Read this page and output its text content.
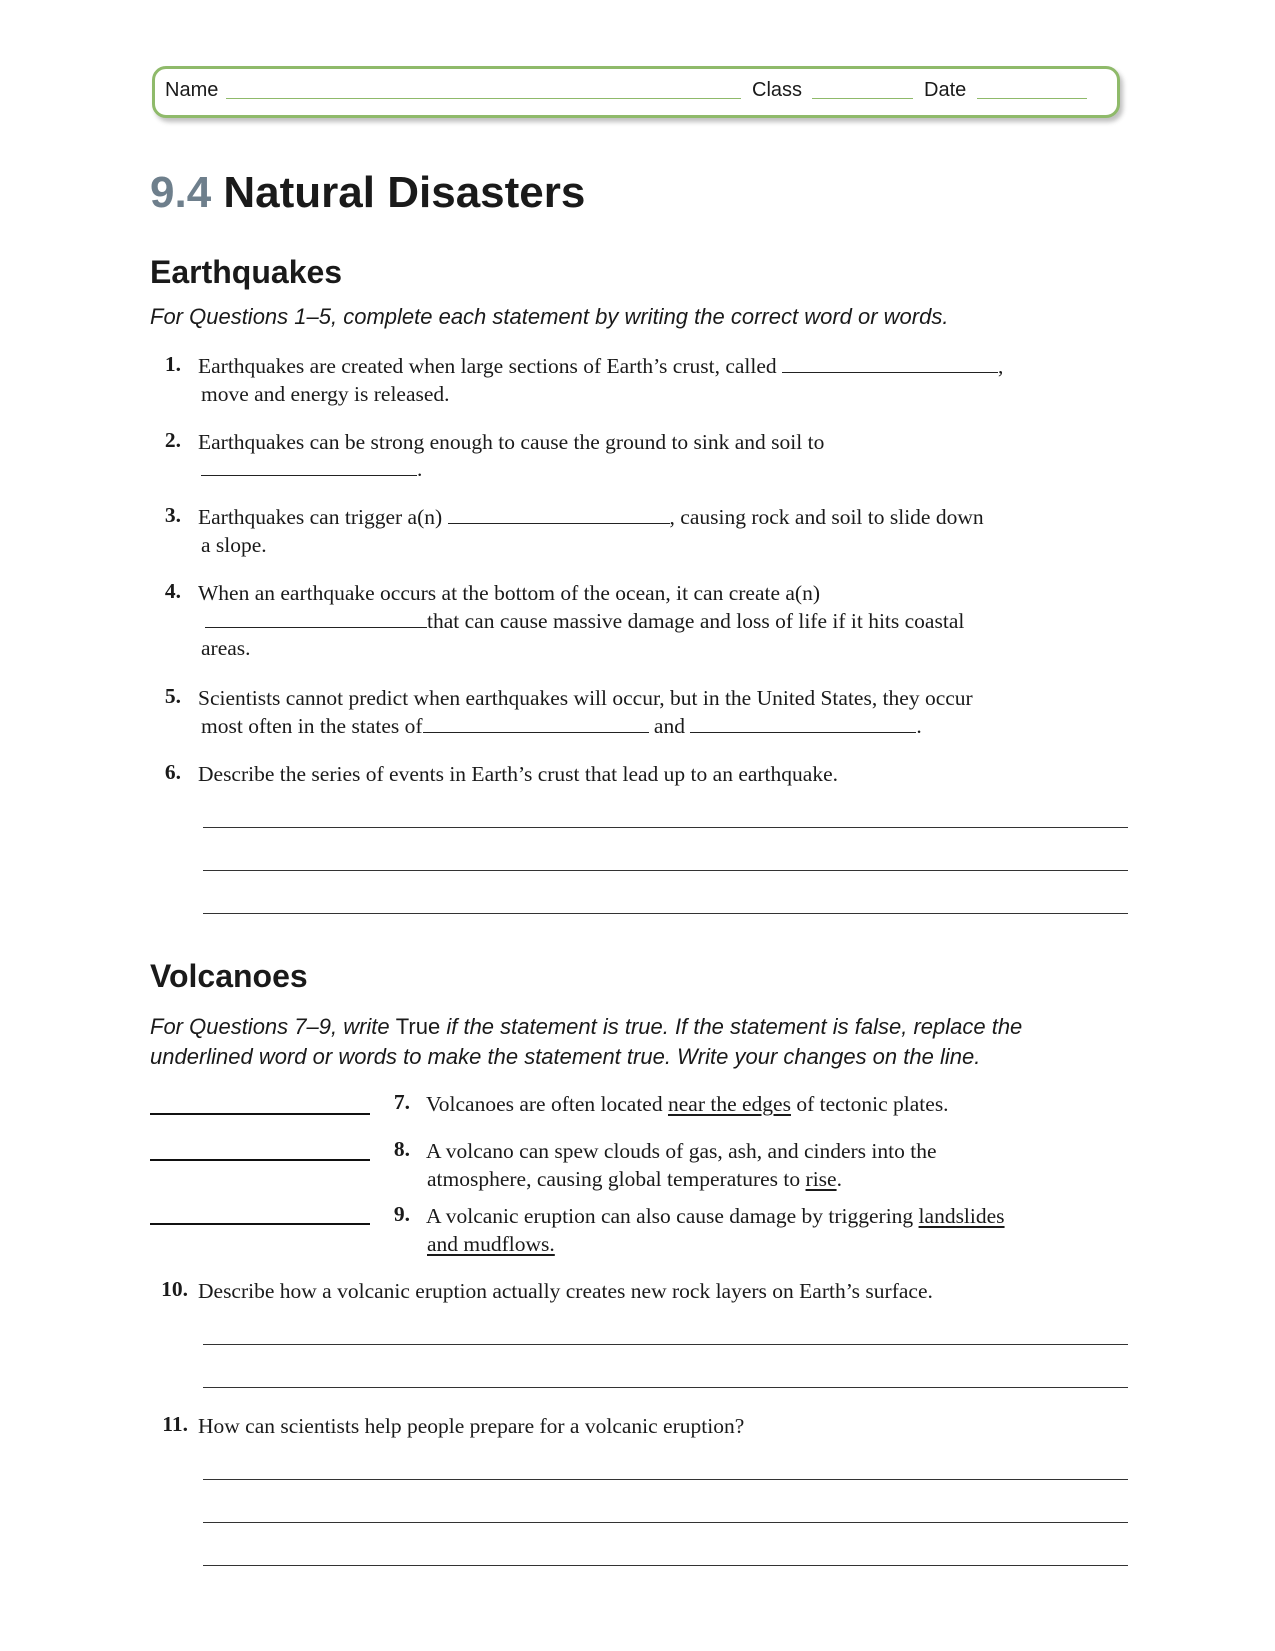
Name	Class	Date
9.4 Natural Disasters
Earthquakes
For Questions 1–5, complete each statement by writing the correct word or words.
1. Earthquakes are created when large sections of Earth’s crust, called	,
move and energy is released.
2. Earthquakes can be strong enough to cause the ground to sink and soil to
.
3. Earthquakes can trigger a(n)	, causing rock and soil to slide down
a slope.
4. When an earthquake occurs at the bottom of the ocean, it can create a(n)
that can cause massive damage and loss of life if it hits coastal
areas.
5. Scientists cannot predict when earthquakes will occur, but in the United States, they occur
most often in the states of	and	.
6. Describe the series of events in Earth’s crust that lead up to an earthquake.
Volcanoes
For Questions 7–9, write True if the statement is true. If the statement is false, replace the underlined word or words to make the statement true. Write your changes on the line.
7. Volcanoes are often located near the edges of tectonic plates.
8. A volcano can spew clouds of gas, ash, and cinders into the
atmosphere, causing global temperatures to rise.
9. A volcanic eruption can also cause damage by triggering landslides
and mudflows.
10. Describe how a volcanic eruption actually creates new rock layers on Earth’s surface.
11. How can scientists help people prepare for a volcanic eruption?
